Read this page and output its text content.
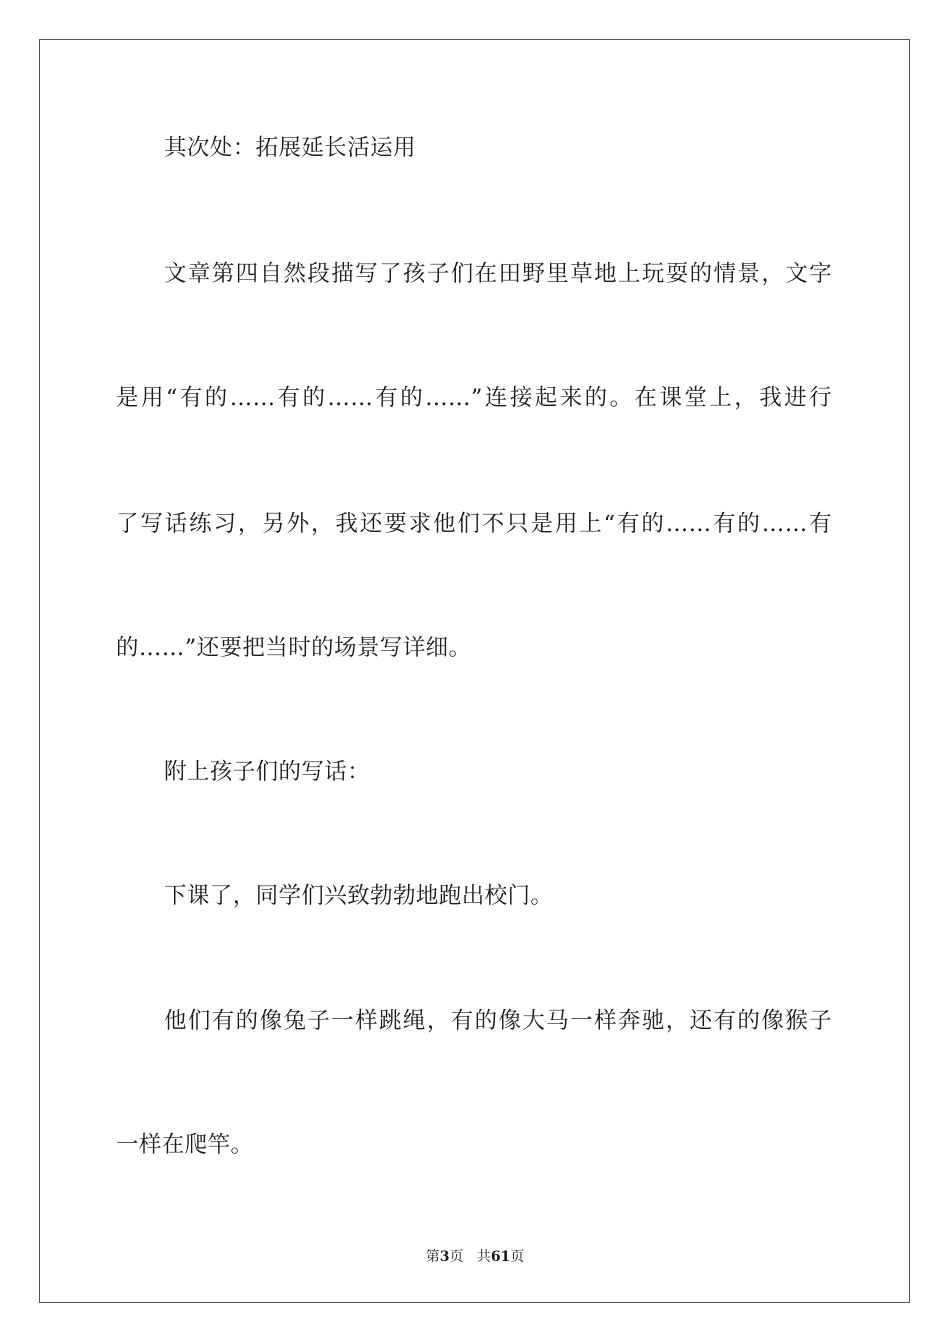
其次处：拓展延长活运用
文章第四自然段描写了孩子们在田野里草地上玩耍的情景，文字
是用“有的……有的……有的……”连接起来的。在课堂上，我进行
了写话练习，另外，我还要求他们不只是用上“有的……有的……有
的……”还要把当时的场景写详细。
附上孩子们的写话：
下课了，同学们兴致勃勃地跑出校门。
他们有的像兔子一样跳绳，有的像大马一样奔驰，还有的像猴子
一样在爬竿。
第3页 共61页
